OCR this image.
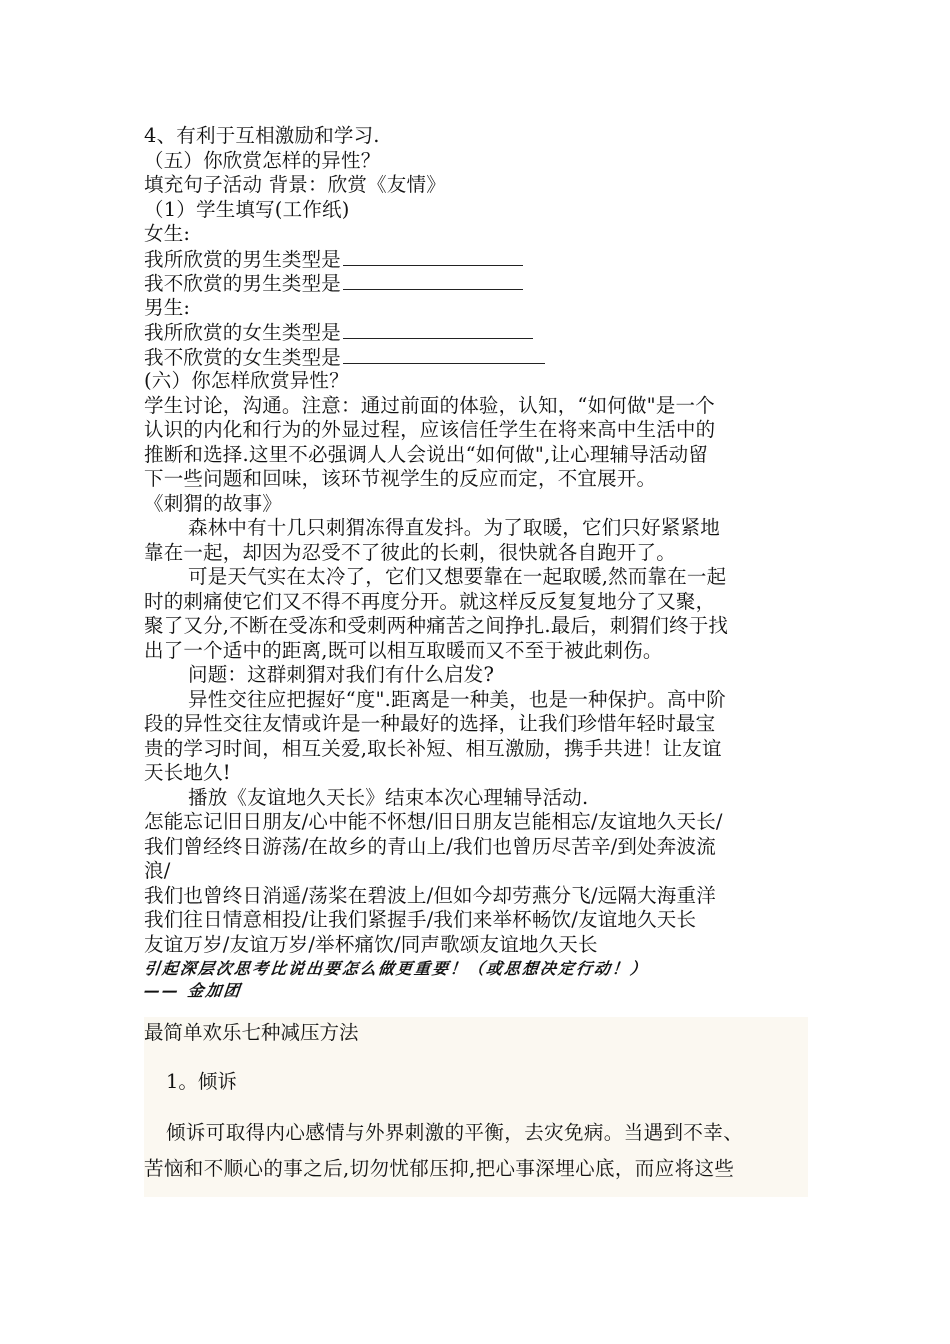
4、有利于互相激励和学习.
（五）你欣赏怎样的异性？
填充句子活动 背景：欣赏《友情》
（1）学生填写(工作纸)
女生:
我所欣赏的男生类型是
我不欣赏的男生类型是
男生:
我所欣赏的女生类型是
我不欣赏的女生类型是
(六）你怎样欣赏异性？
学生讨论，沟通。注意：通过前面的体验，认知，“如何做"是一个
认识的内化和行为的外显过程，应该信任学生在将来高中生活中的
推断和选择.这里不必强调人人会说出“如何做",让心理辅导活动留
下一些问题和回味，该环节视学生的反应而定，不宜展开。
《刺猬的故事》
森林中有十几只刺猬冻得直发抖。为了取暖，它们只好紧紧地
靠在一起，却因为忍受不了彼此的长刺，很快就各自跑开了。
可是天气实在太冷了，它们又想要靠在一起取暖,然而靠在一起
时的刺痛使它们又不得不再度分开。就这样反反复复地分了又聚，
聚了又分,不断在受冻和受刺两种痛苦之间挣扎.最后，刺猬们终于找
出了一个适中的距离,既可以相互取暖而又不至于被此刺伤。
问题：这群刺猬对我们有什么启发?
异性交往应把握好“度".距离是一种美，也是一种保护。高中阶
段的异性交往友情或许是一种最好的选择，让我们珍惜年轻时最宝
贵的学习时间，相互关爱,取长补短、相互激励，携手共进！让友谊
天长地久!
播放《友谊地久天长》结束本次心理辅导活动.
怎能忘记旧日朋友/心中能不怀想/旧日朋友岂能相忘/友谊地久天长/
我们曾经终日游荡/在故乡的青山上/我们也曾历尽苦辛/到处奔波流
浪/
我们也曾终日消遥/荡桨在碧波上/但如今却劳燕分飞/远隔大海重洋
我们往日情意相投/让我们紧握手/我们来举杯畅饮/友谊地久天长
友谊万岁/友谊万岁/举杯痛饮/同声歌颂友谊地久天长
引起深层次思考比说出要怎么做更重要！（或思想决定行动！）
—— 金加团
最简单欢乐七种减压方法
1。倾诉
倾诉可取得内心感情与外界刺激的平衡，去灾免病。当遇到不幸、
苦恼和不顺心的事之后,切勿忧郁压抑,把心事深埋心底，而应将这些
